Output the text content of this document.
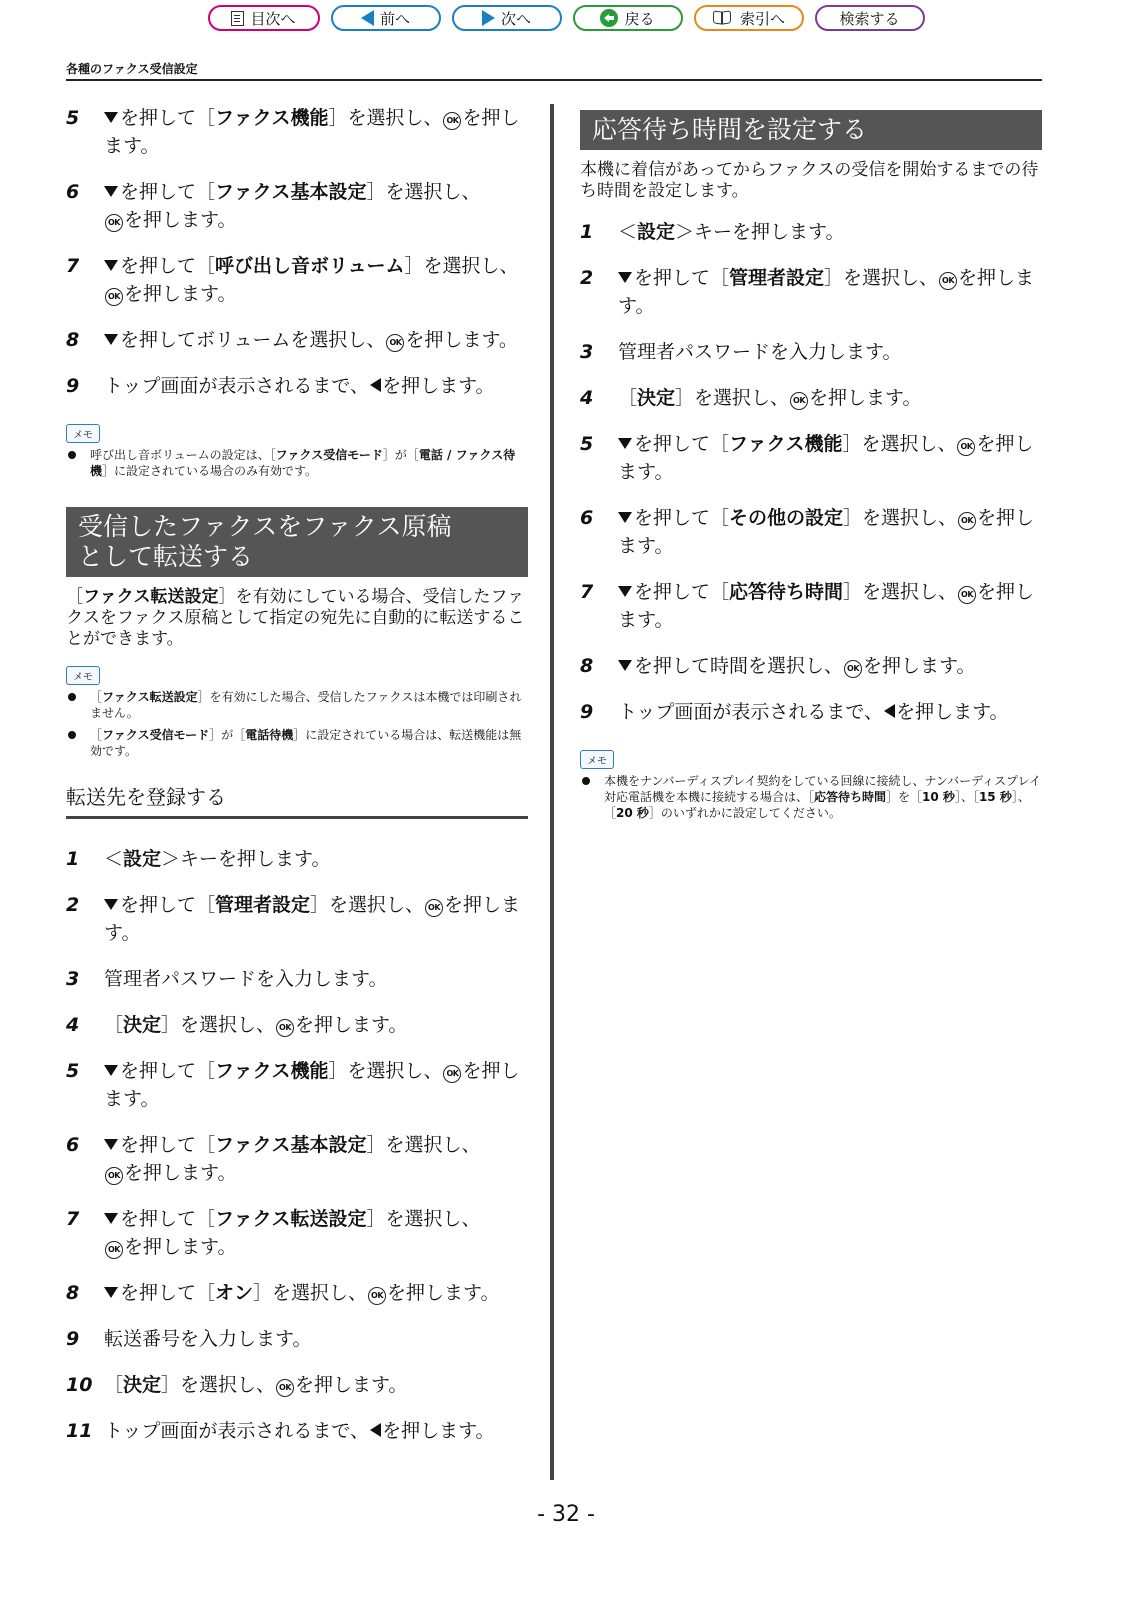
目次へ	前へ	次へ	戻る	索引へ	検索する
各種のファクス受信設定
5 を押して［ファクス機能］を選択し、 OK を押します。
6 を押して［ファクス基本設定］を選択し、
OK を押します。
7 を押して［呼び出し音ボリューム］を選択し、OK を押します。
8 を押してボリュームを選択し、 OK を押します。
9 トップ画面が表示されるまで、 を押します。
メモ
呼び出し音ボリュームの設定は、［ファクス受信モード］が［電話 / ファクス待機］に設定されている場合のみ有効です。
受信したファクスをファクス原稿
として転送する
［ファクス転送設定］を有効にしている場合、受信したファクスをファクス原稿として指定の宛先に自動的に転送することができます。
メモ
［ファクス転送設定］を有効にした場合、受信したファクスは本機では印刷されません。
［ファクス受信モード］が［電話待機］に設定されている場合は、転送機能は無効です。
転送先を登録する
1 ＜設定＞キーを押します。
2 を押して［管理者設定］を選択し、 OK を押します。
3 管理者パスワードを入力します。
4 ［決定］を選択し、 OK を押します。
5 を押して［ファクス機能］を選択し、 OK を押します。
6 を押して［ファクス基本設定］を選択し、
OK を押します。
7 を押して［ファクス転送設定］を選択し、
OK を押します。
8 を押して［オン］を選択し、 OK を押します。
9 転送番号を入力します。
10 ［決定］を選択し、 OK を押します。
11 トップ画面が表示されるまで、 を押します。
応答待ち時間を設定する
本機に着信があってからファクスの受信を開始するまでの待ち時間を設定します。
1 ＜設定＞キーを押します。
2 を押して［管理者設定］を選択し、 OK を押します。
3 管理者パスワードを入力します。
4 ［決定］を選択し、 OK を押します。
5 を押して［ファクス機能］を選択し、 OK を押します。
6 を押して［その他の設定］を選択し、 OK を押します。
7 を押して［応答待ち時間］を選択し、 OK を押します。
8 を押して時間を選択し、 OK を押します。
9 トップ画面が表示されるまで、 を押します。
メモ
本機をナンバーディスプレイ契約をしている回線に接続し、ナンバーディスプレイ対応電話機を本機に接続する場合は、［応答待ち時間］を［10 秒］、［15 秒］、［20 秒］のいずれかに設定してください。
- 32 -
